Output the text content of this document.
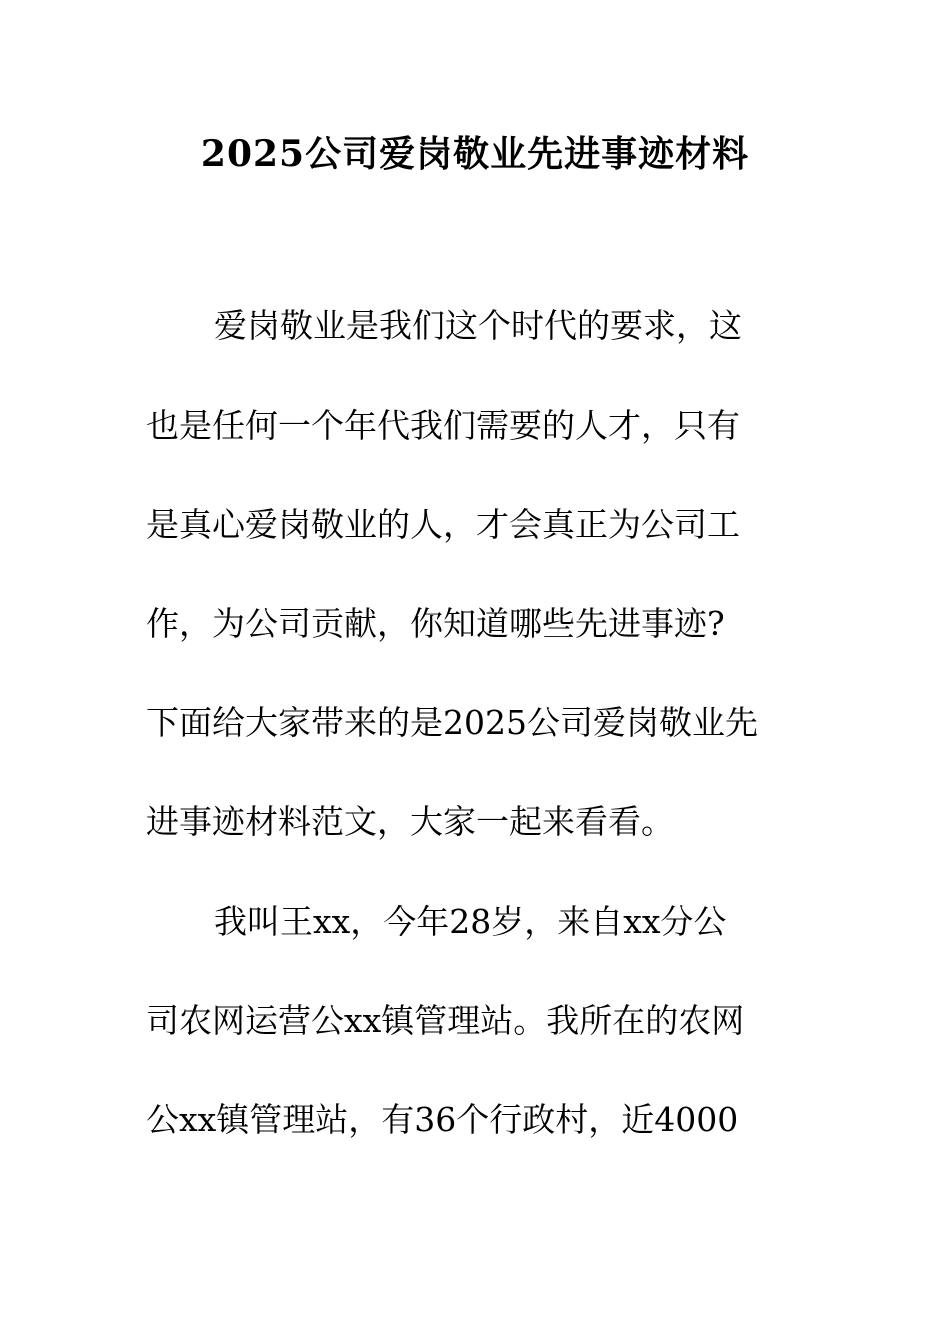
2025公司爱岗敬业先进事迹材料
爱岗敬业是我们这个时代的要求，这
也是任何一个年代我们需要的人才，只有
是真心爱岗敬业的人，才会真正为公司工
作，为公司贡献，你知道哪些先进事迹?
下面给大家带来的是2025公司爱岗敬业先
进事迹材料范文，大家一起来看看。
我叫王xx，今年28岁，来自xx分公
司农网运营公xx镇管理站。我所在的农网
公xx镇管理站，有36个行政村，近4000
